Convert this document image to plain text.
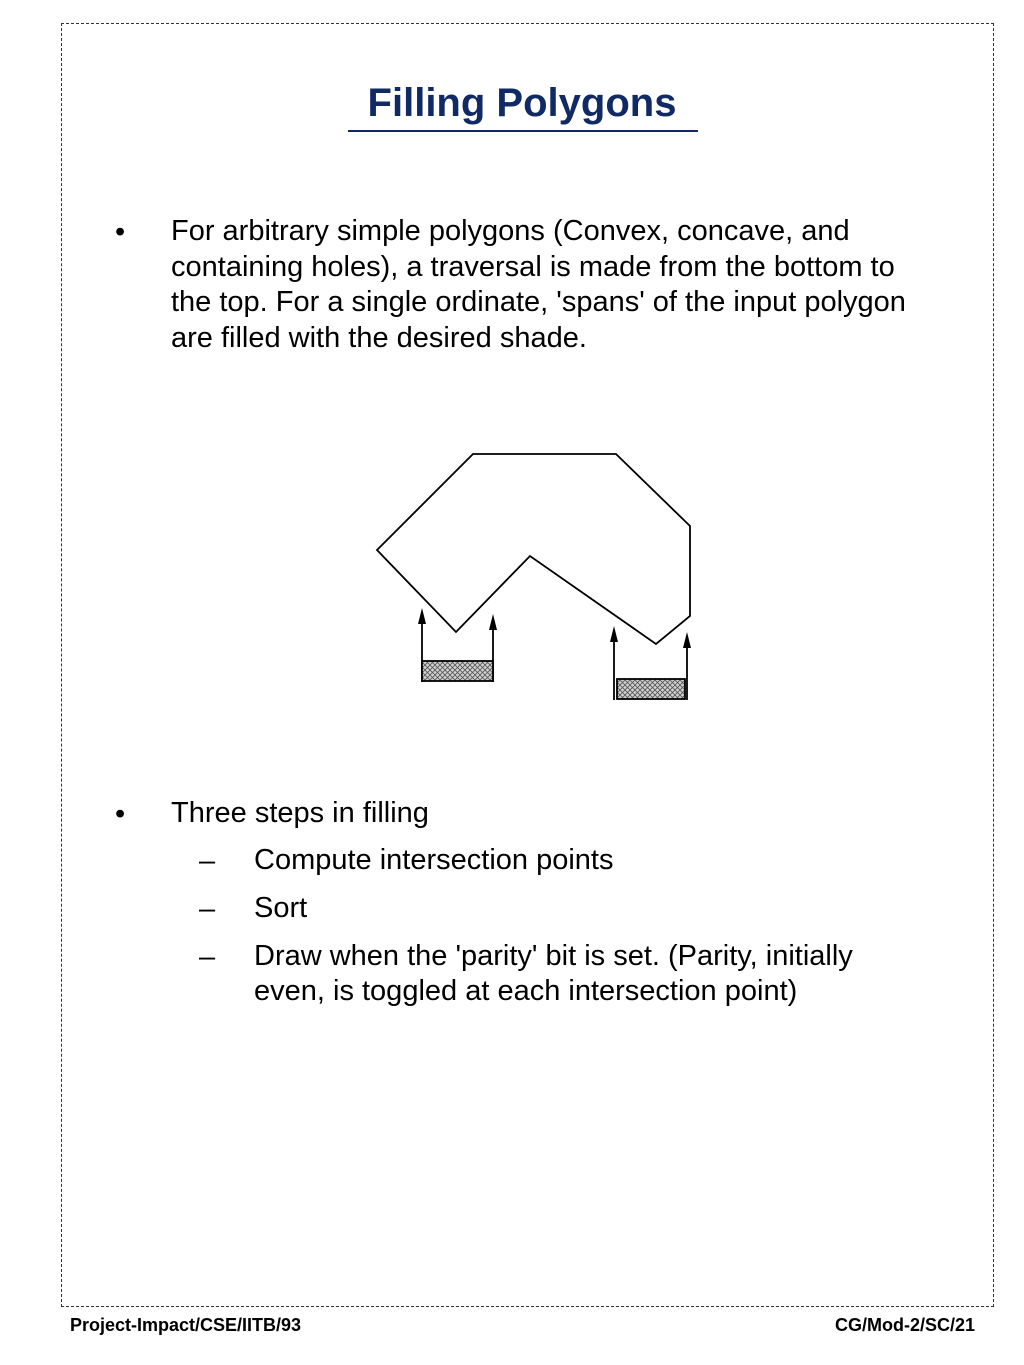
Filling Polygons
• For arbitrary simple polygons (Convex, concave, and containing holes), a traversal is made from the bottom to the top. For a single ordinate, 'spans' of the input polygon are filled with the desired shade.

• Three steps in filling

– Compute intersection points

– Sort

– Draw when the 'parity' bit is set. (Parity, initially even, is toggled at each intersection point)

Project-Impact/CSE/IITB/93	CG/Mod-2/SC/21
